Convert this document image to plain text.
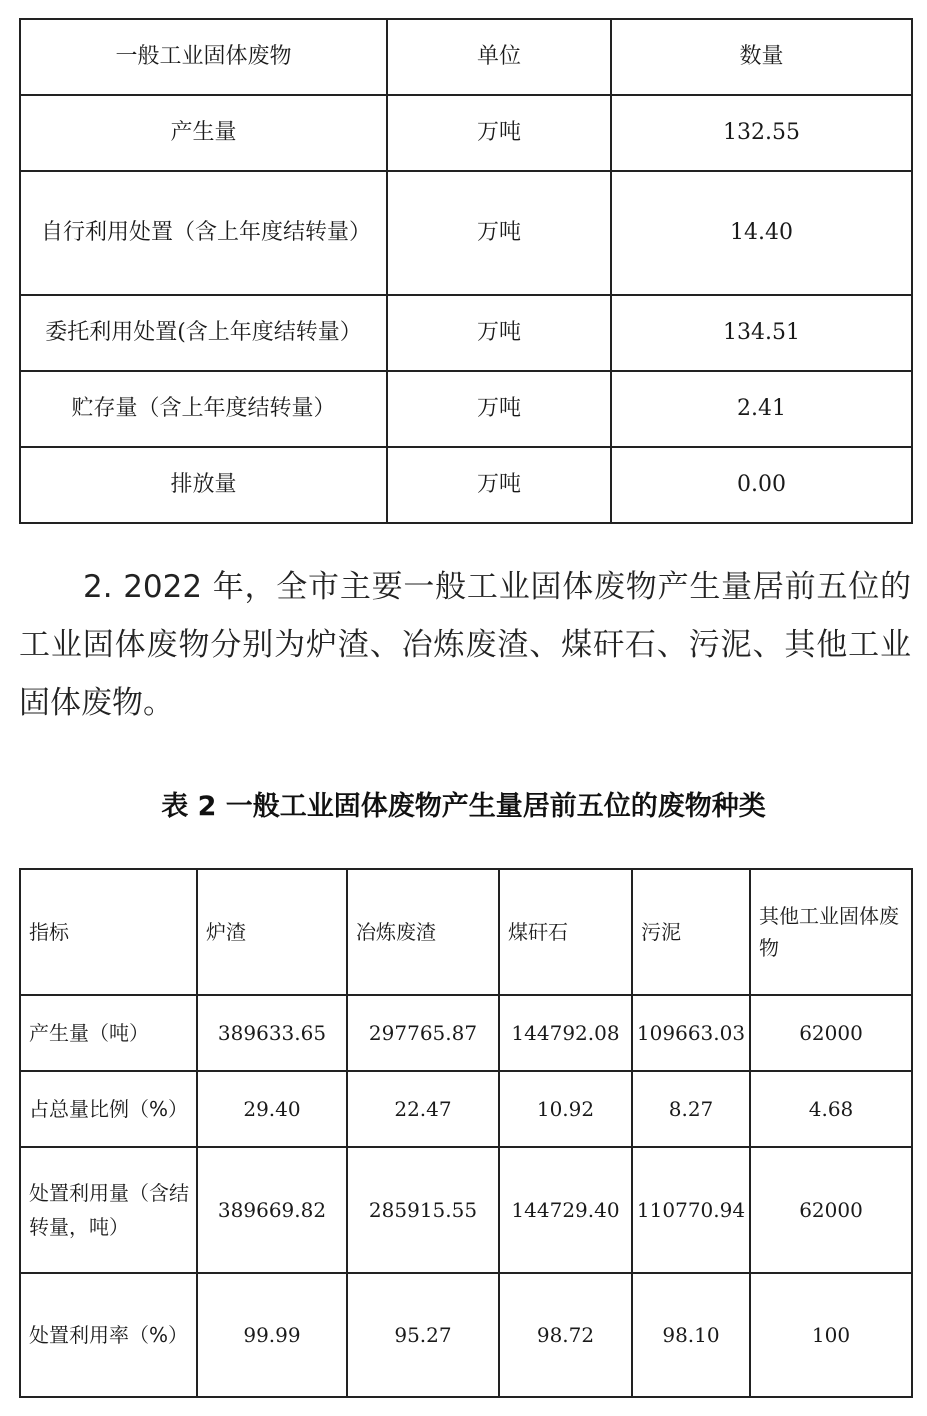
一般工业固体废物	单位	数量
产生量	万吨	132.55
自行利用处置（含上年度结转量）	万吨	14.40
委托利用处置(含上年度结转量）	万吨	134.51
贮存量（含上年度结转量）	万吨	2.41
排放量	万吨	0.00

2. 2022 年，全市主要一般工业固体废物产生量居前五位的工业固体废物分别为炉渣、冶炼废渣、煤矸石、污泥、其他工业固体废物。

表 2 一般工业固体废物产生量居前五位的废物种类
指标	炉渣	冶炼废渣	煤矸石	污泥	其他工业固体废物
产生量（吨）	389633.65	297765.87	144792.08	109663.03	62000
占总量比例（%）	29.40	22.47	10.92	8.27	4.68
处置利用量（含结转量，吨）	389669.82	285915.55	144729.40	110770.94	62000
处置利用率（%）	99.99	95.27	98.72	98.10	100
